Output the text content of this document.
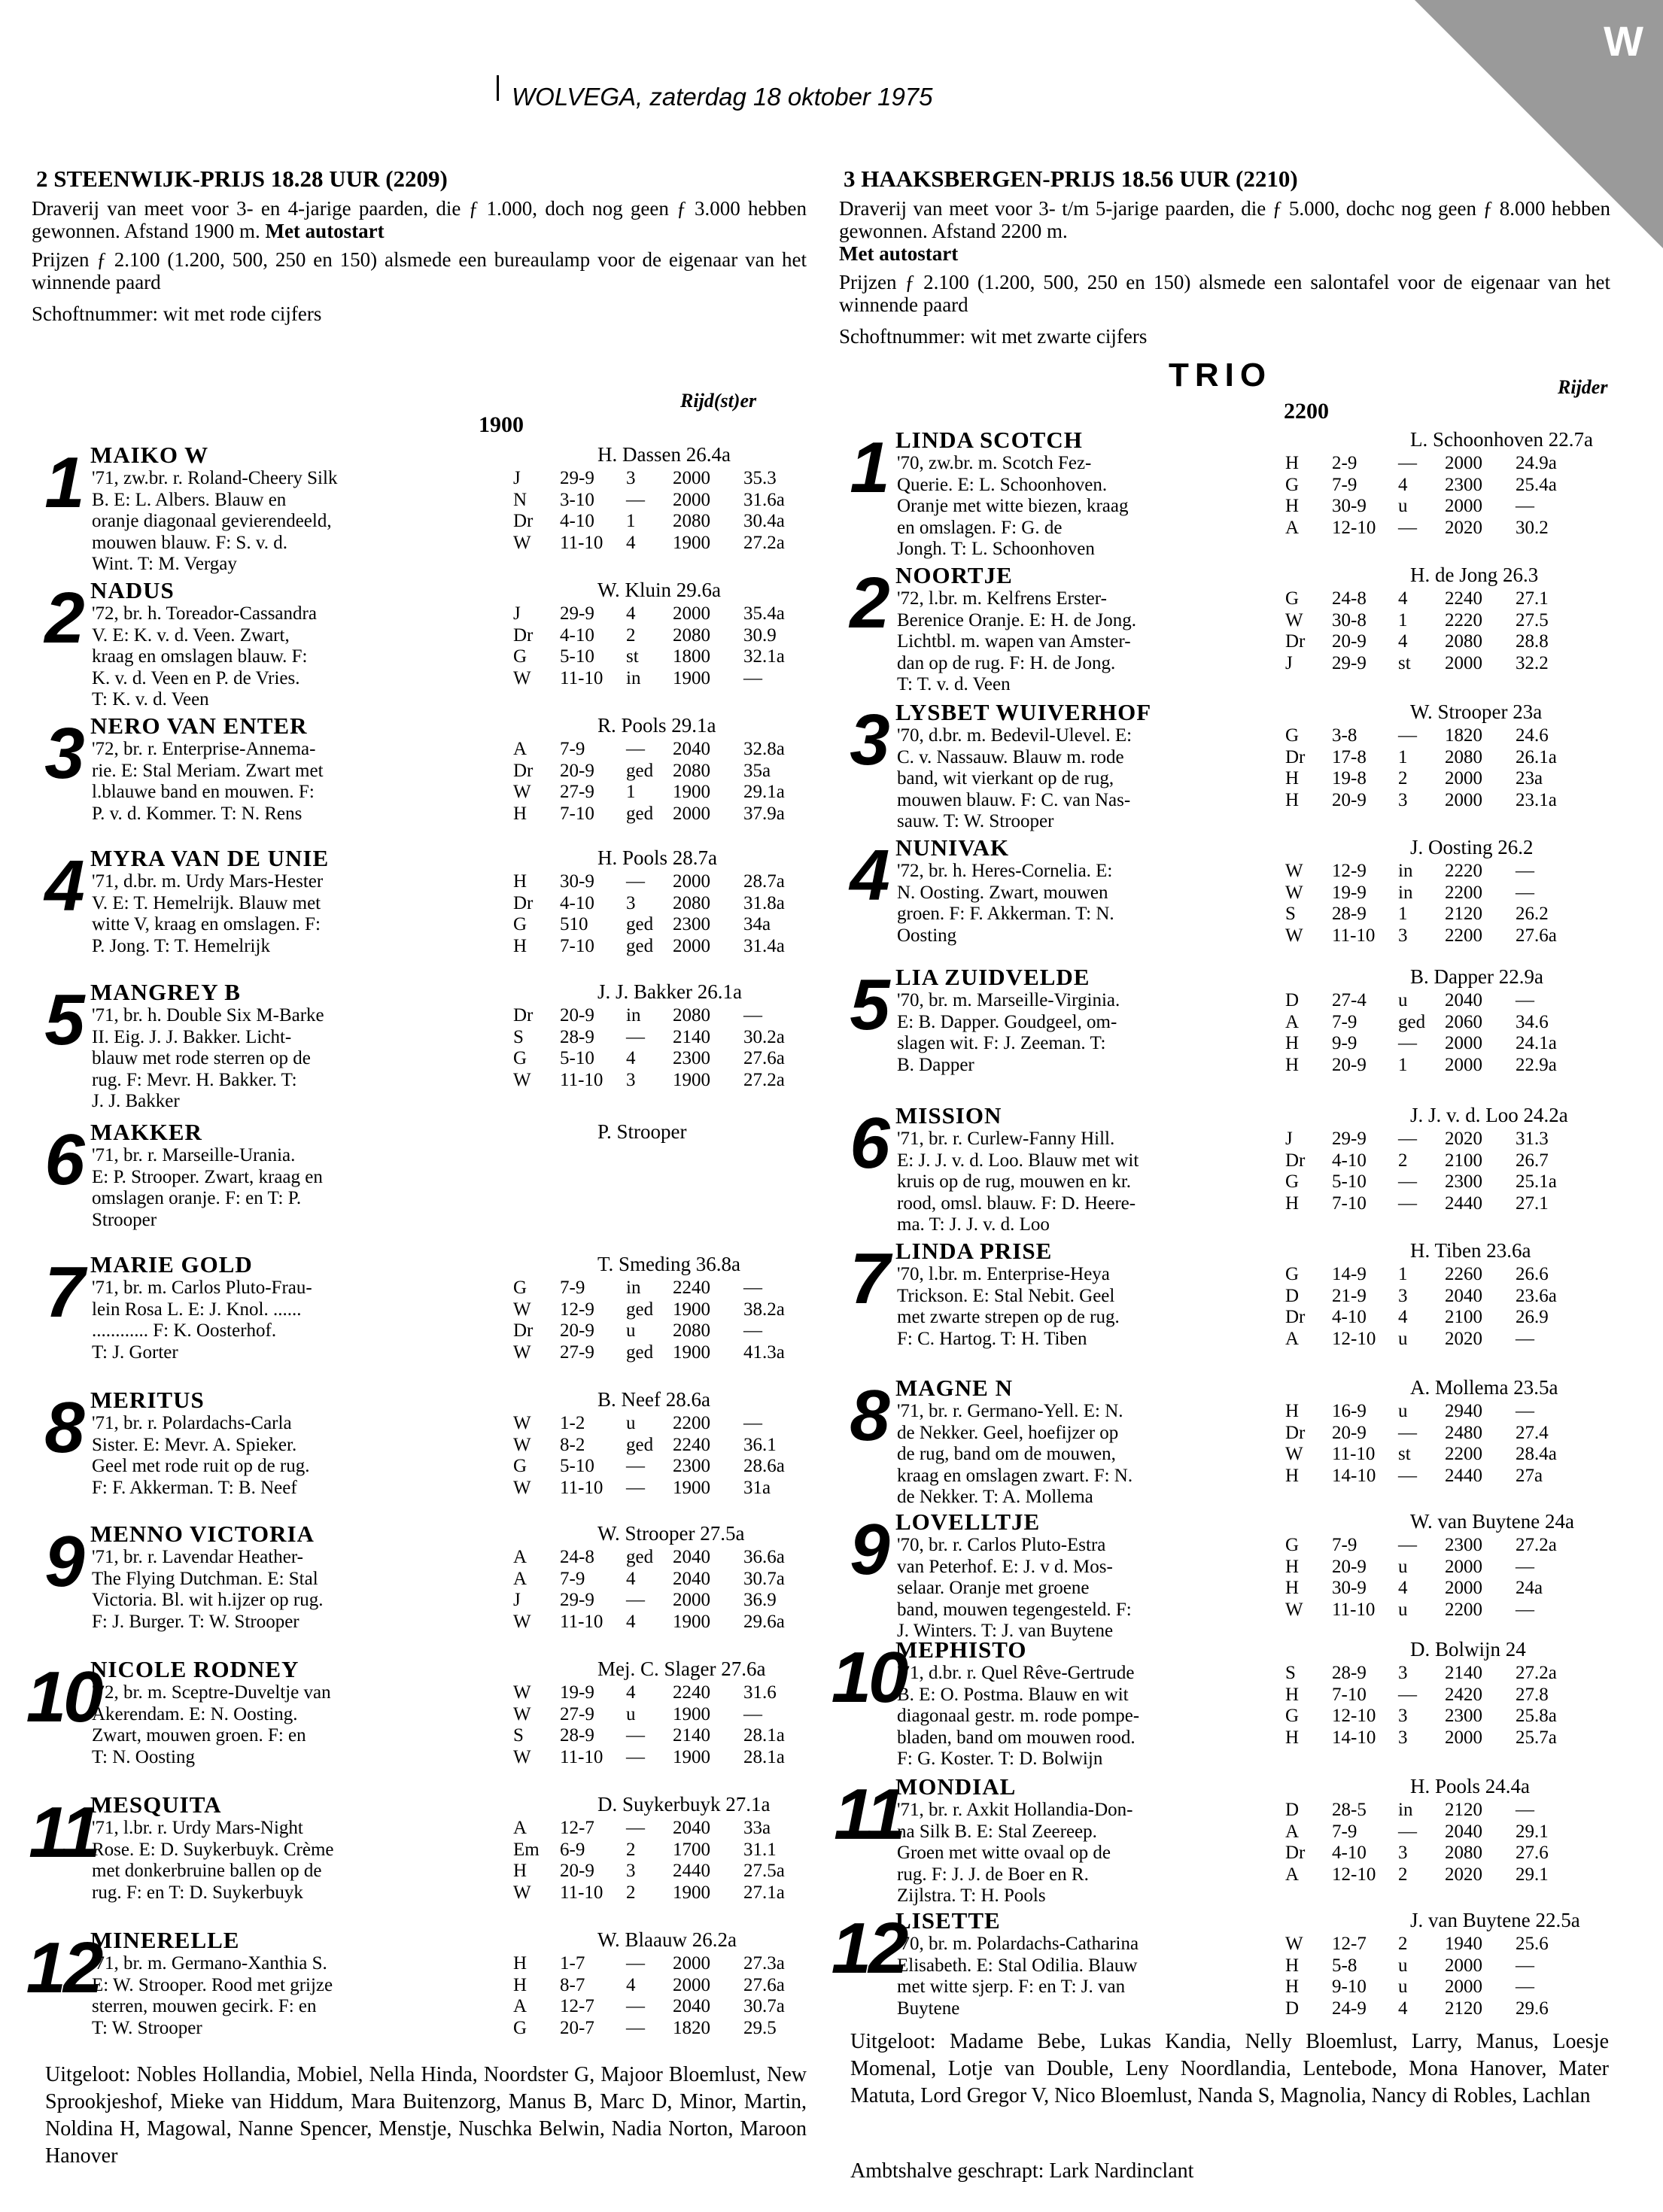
W
WOLVEGA, zaterdag 18 oktober 1975
2 STEENWIJK-PRIJS 18.28 UUR (2209)
Draverij van meet voor 3- en 4-jarige paarden, die ƒ 1.000, doch nog geen ƒ 3.000 hebben gewonnen. Afstand 1900 m. Met autostart
Prijzen ƒ 2.100 (1.200, 500, 250 en 150) alsmede een bureaulamp voor de eigenaar van het winnende paard
Schoftnummer: wit met rode cijfers
Rijd(st)er
1900
1 MAIKO W	H. Dassen 26.4a
'71, zw.br. r. Roland-Cheery Silk
B. E: L. Albers. Blauw en
oranje diagonaal gevierendeeld,
mouwen blauw. F: S. v. d.
Wint. T: M. Vergay
J	29-9	3	2000	35.3
N	3-10	—	2000	31.6a
Dr	4-10	1	2080	30.4a
W	11-10	4	1900	27.2a
2 NADUS	W. Kluin 29.6a
'72, br. h. Toreador-Cassandra
V. E: K. v. d. Veen. Zwart,
kraag en omslagen blauw. F:
K. v. d. Veen en P. de Vries.
T: K. v. d. Veen
J	29-9	4	2000	35.4a
Dr	4-10	2	2080	30.9
G	5-10	st	1800	32.1a
W	11-10	in	1900	—
3 NERO VAN ENTER	R. Pools 29.1a
'72, br. r. Enterprise-Annema-
rie. E: Stal Meriam. Zwart met
l.blauwe band en mouwen. F:
P. v. d. Kommer. T: N. Rens
A	7-9	—	2040	32.8a
Dr	20-9	ged	2080	35a
W	27-9	1	1900	29.1a
H	7-10	ged	2000	37.9a
4 MYRA VAN DE UNIE	H. Pools 28.7a
'71, d.br. m. Urdy Mars-Hester
V. E: T. Hemelrijk. Blauw met
witte V, kraag en omslagen. F:
P. Jong. T: T. Hemelrijk
H	30-9	—	2000	28.7a
Dr	4-10	3	2080	31.8a
G	510	ged	2300	34a
H	7-10	ged	2000	31.4a
5 MANGREY B	J. J. Bakker 26.1a
'71, br. h. Double Six M-Barke
II. Eig. J. J. Bakker. Licht-
blauw met rode sterren op de
rug. F: Mevr. H. Bakker. T:
J. J. Bakker
Dr	20-9	in	2080	—
S	28-9	—	2140	30.2a
G	5-10	4	2300	27.6a
W	11-10	3	1900	27.2a
6 MAKKER	P. Strooper
'71, br. r. Marseille-Urania.
E: P. Strooper. Zwart, kraag en
omslagen oranje. F: en T: P.
Strooper
7 MARIE GOLD	T. Smeding 36.8a
'71, br. m. Carlos Pluto-Frau-
lein Rosa L. E: J. Knol. ......
............ F: K. Oosterhof.
T: J. Gorter
G	7-9	in	2240	—
W	12-9	ged	1900	38.2a
Dr	20-9	u	2080	—
W	27-9	ged	1900	41.3a
8 MERITUS	B. Neef 28.6a
'71, br. r. Polardachs-Carla
Sister. E: Mevr. A. Spieker.
Geel met rode ruit op de rug.
F: F. Akkerman. T: B. Neef
W	1-2	u	2200	—
W	8-2	ged	2240	36.1
G	5-10	—	2300	28.6a
W	11-10	—	1900	31a
9 MENNO VICTORIA	W. Strooper 27.5a
'71, br. r. Lavendar Heather-
The Flying Dutchman. E: Stal
Victoria. Bl. wit h.ijzer op rug.
F: J. Burger. T: W. Strooper
A	24-8	ged	2040	36.6a
A	7-9	4	2040	30.7a
J	29-9	—	2000	36.9
W	11-10	4	1900	29.6a
10
NICOLE RODNEY	Mej. C. Slager 27.6a
'72, br. m. Sceptre-Duveltje van
Akerendam. E: N. Oosting.
Zwart, mouwen groen. F: en
T: N. Oosting
W	19-9	4	2240	31.6
W	27-9	u	1900	—
S	28-9	—	2140	28.1a
W	11-10	—	1900	28.1a
11
MESQUITA	D. Suykerbuyk 27.1a
'71, l.br. r. Urdy Mars-Night
Rose. E: D. Suykerbuyk. Crème
met donkerbruine ballen op de
rug. F: en T: D. Suykerbuyk
A	12-7	—	2040	33a
Em	6-9	2	1700	31.1
H	20-9	3	2440	27.5a
W	11-10	2	1900	27.1a
12
MINERELLE	W. Blaauw 26.2a
'71, br. m. Germano-Xanthia S.
E: W. Strooper. Rood met grijze
sterren, mouwen gecirk. F: en
T: W. Strooper
H	1-7	—	2000	27.3a
H	8-7	4	2000	27.6a
A	12-7	—	2040	30.7a
G	20-7	—	1820	29.5
Uitgeloot: Nobles Hollandia, Mobiel, Nella Hinda, Noordster G, Majoor Bloemlust, New Sprookjeshof, Mieke van Hiddum, Mara Buitenzorg, Manus B, Marc D, Minor, Martin, Noldina H, Magowal, Nanne Spencer, Menstje, Nuschka Belwin, Nadia Norton, Maroon Hanover
3 HAAKSBERGEN-PRIJS 18.56 UUR (2210)
Draverij van meet voor 3- t/m 5-jarige paarden, die ƒ 5.000, dochc nog geen ƒ 8.000 hebben gewonnen. Afstand 2200 m.
Met autostart
Prijzen ƒ 2.100 (1.200, 500, 250 en 150) alsmede een salontafel voor de eigenaar van het winnende paard
Schoftnummer: wit met zwarte cijfers
TRIO	Rijder
2200
1 LINDA SCOTCH	L. Schoonhoven 22.7a
'70, zw.br. m. Scotch Fez-
Querie. E: L. Schoonhoven.
Oranje met witte biezen, kraag
en omslagen. F: G. de
Jongh. T: L. Schoonhoven
H	2-9	—	2000	24.9a
G	7-9	4	2300	25.4a
H	30-9	u	2000	—
A	12-10	—	2020	30.2
2 NOORTJE	H. de Jong 26.3
'72, l.br. m. Kelfrens Erster-
Berenice Oranje. E: H. de Jong.
Lichtbl. m. wapen van Amster-
dan op de rug. F: H. de Jong.
T: T. v. d. Veen
G	24-8	4	2240	27.1
W	30-8	1	2220	27.5
Dr	20-9	4	2080	28.8
J	29-9	st	2000	32.2
3 LYSBET WUIVERHOF	W. Strooper 23a
'70, d.br. m. Bedevil-Ulevel. E:
C. v. Nassauw. Blauw m. rode
band, wit vierkant op de rug,
mouwen blauw. F: C. van Nas-
sauw. T: W. Strooper
G	3-8	—	1820	24.6
Dr	17-8	1	2080	26.1a
H	19-8	2	2000	23a
H	20-9	3	2000	23.1a
4 NUNIVAK	J. Oosting 26.2
'72, br. h. Heres-Cornelia. E:
N. Oosting. Zwart, mouwen
groen. F: F. Akkerman. T: N.
Oosting
W	12-9	in	2220	—
W	19-9	in	2200	—
S	28-9	1	2120	26.2
W	11-10	3	2200	27.6a
5 LIA ZUIDVELDE	B. Dapper 22.9a
'70, br. m. Marseille-Virginia.
E: B. Dapper. Goudgeel, om-
slagen wit. F: J. Zeeman. T:
B. Dapper
D	27-4	u	2040	—
A	7-9	ged	2060	34.6
H	9-9	—	2000	24.1a
H	20-9	1	2000	22.9a
6 MISSION	J. J. v. d. Loo 24.2a
'71, br. r. Curlew-Fanny Hill.
E: J. J. v. d. Loo. Blauw met wit
kruis op de rug, mouwen en kr.
rood, omsl. blauw. F: D. Heere-
ma. T: J. J. v. d. Loo
J	29-9	—	2020	31.3
Dr	4-10	2	2100	26.7
G	5-10	—	2300	25.1a
H	7-10	—	2440	27.1
7 LINDA PRISE	H. Tiben 23.6a
'70, l.br. m. Enterprise-Heya
Trickson. E: Stal Nebit. Geel
met zwarte strepen op de rug.
F: C. Hartog. T: H. Tiben
G	14-9	1	2260	26.6
D	21-9	3	2040	23.6a
Dr	4-10	4	2100	26.9
A	12-10	u	2020	—
8 MAGNE N	A. Mollema 23.5a
'71, br. r. Germano-Yell. E: N.
de Nekker. Geel, hoefijzer op
de rug, band om de mouwen,
kraag en omslagen zwart. F: N.
de Nekker. T: A. Mollema
H	16-9	u	2940	—
Dr	20-9	—	2480	27.4
W	11-10	st	2200	28.4a
H	14-10	—	2440	27a
9 LOVELLTJE	W. van Buytene 24a
'70, br. r. Carlos Pluto-Estra
van Peterhof. E: J. v d. Mos-
selaar. Oranje met groene
band, mouwen tegengesteld. F:
J. Winters. T: J. van Buytene
G	7-9	—	2300	27.2a
H	20-9	u	2000	—
H	30-9	4	2000	24a
W	11-10	u	2200	—
10
MEPHISTO	D. Bolwijn 24
'71, d.br. r. Quel Rêve-Gertrude
B. E: O. Postma. Blauw en wit
diagonaal gestr. m. rode pompe-
bladen, band om mouwen rood.
F: G. Koster. T: D. Bolwijn
S	28-9	3	2140	27.2a
H	7-10	—	2420	27.8
G	12-10	3	2300	25.8a
H	14-10	3	2000	25.7a
11
MONDIAL	H. Pools 24.4a
'71, br. r. Axkit Hollandia-Don-
na Silk B. E: Stal Zeereep.
Groen met witte ovaal op de
rug. F: J. J. de Boer en R.
Zijlstra. T: H. Pools
D	28-5	in	2120	—
A	7-9	—	2040	29.1
Dr	4-10	3	2080	27.6
A	12-10	2	2020	29.1
12
LISETTE	J. van Buytene 22.5a
'70, br. m. Polardachs-Catharina
Elisabeth. E: Stal Odilia. Blauw
met witte sjerp. F: en T: J. van
Buytene
W	12-7	2	1940	25.6
H	5-8	u	2000	—
H	9-10	u	2000	—
D	24-9	4	2120	29.6
Uitgeloot: Madame Bebe, Lukas Kandia, Nelly Bloemlust, Larry, Manus, Loesje Momenal, Lotje van Double, Leny Noordlandia, Lentebode, Mona Hanover, Mater Matuta, Lord Gregor V, Nico Bloemlust, Nanda S, Magnolia, Nancy di Robles, Lachlan
Ambtshalve geschrapt: Lark Nardinclant
